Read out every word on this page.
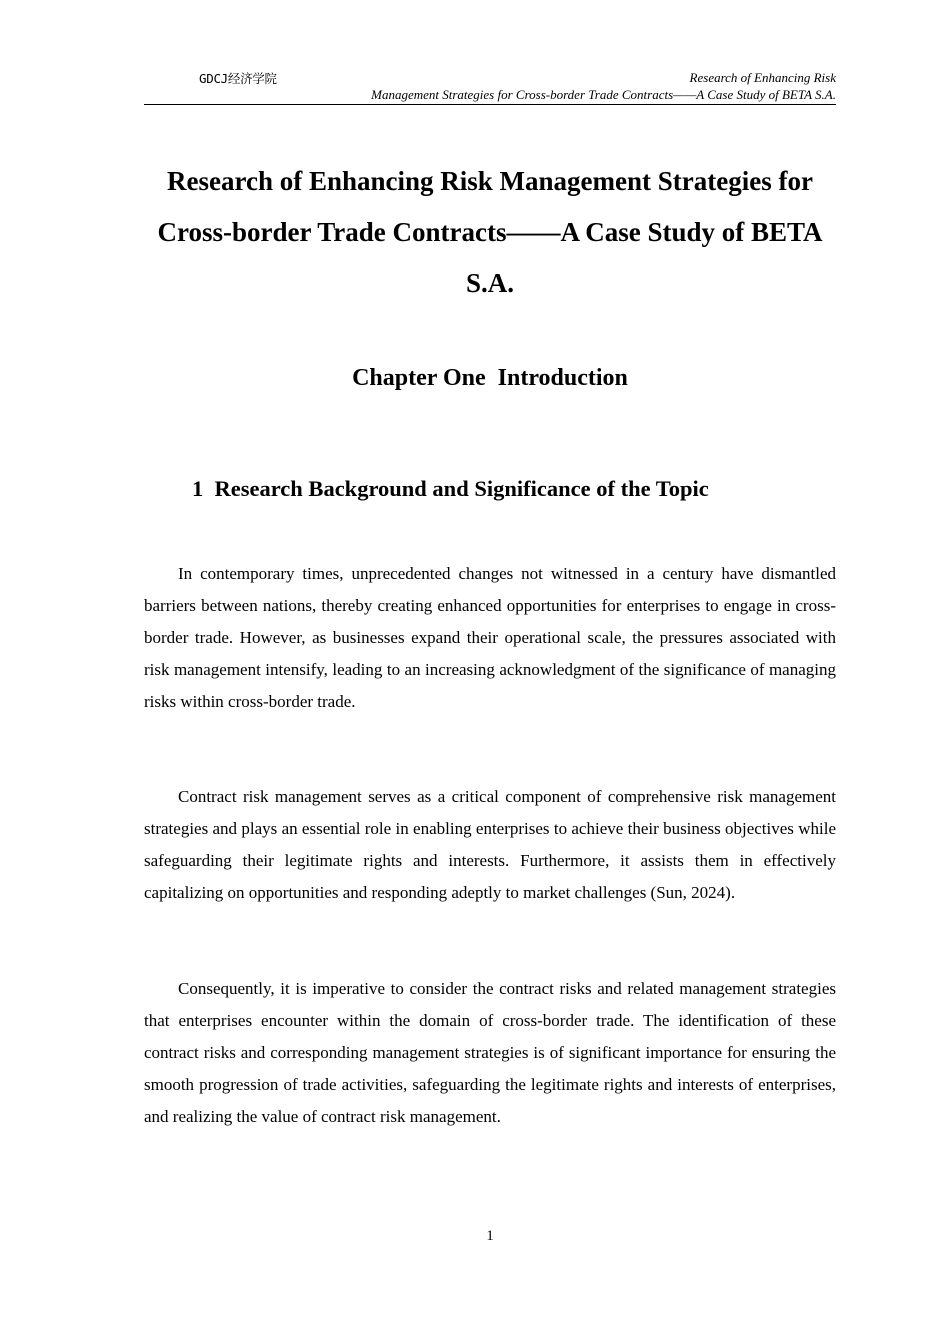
GDCJ经济学院	Research of Enhancing Risk
Management Strategies for Cross-border Trade Contracts——A Case Study of BETA S.A.
Research of Enhancing Risk Management Strategies for Cross-border Trade Contracts——A Case Study of BETA S.A.
Chapter One  Introduction
1  Research Background and Significance of the Topic

In contemporary times, unprecedented changes not witnessed in a century have dismantled barriers between nations, thereby creating enhanced opportunities for enterprises to engage in cross-border trade. However, as businesses expand their operational scale, the pressures associated with risk management intensify, leading to an increasing acknowledgment of the significance of managing risks within cross-border trade.

Contract risk management serves as a critical component of comprehensive risk management strategies and plays an essential role in enabling enterprises to achieve their business objectives while safeguarding their legitimate rights and interests. Furthermore, it assists them in effectively capitalizing on opportunities and responding adeptly to market challenges (Sun, 2024).

Consequently, it is imperative to consider the contract risks and related management strategies that enterprises encounter within the domain of cross-border trade. The identification of these contract risks and corresponding management strategies is of significant importance for ensuring the smooth progression of trade activities, safeguarding the legitimate rights and interests of enterprises, and realizing the value of contract risk management.

1
